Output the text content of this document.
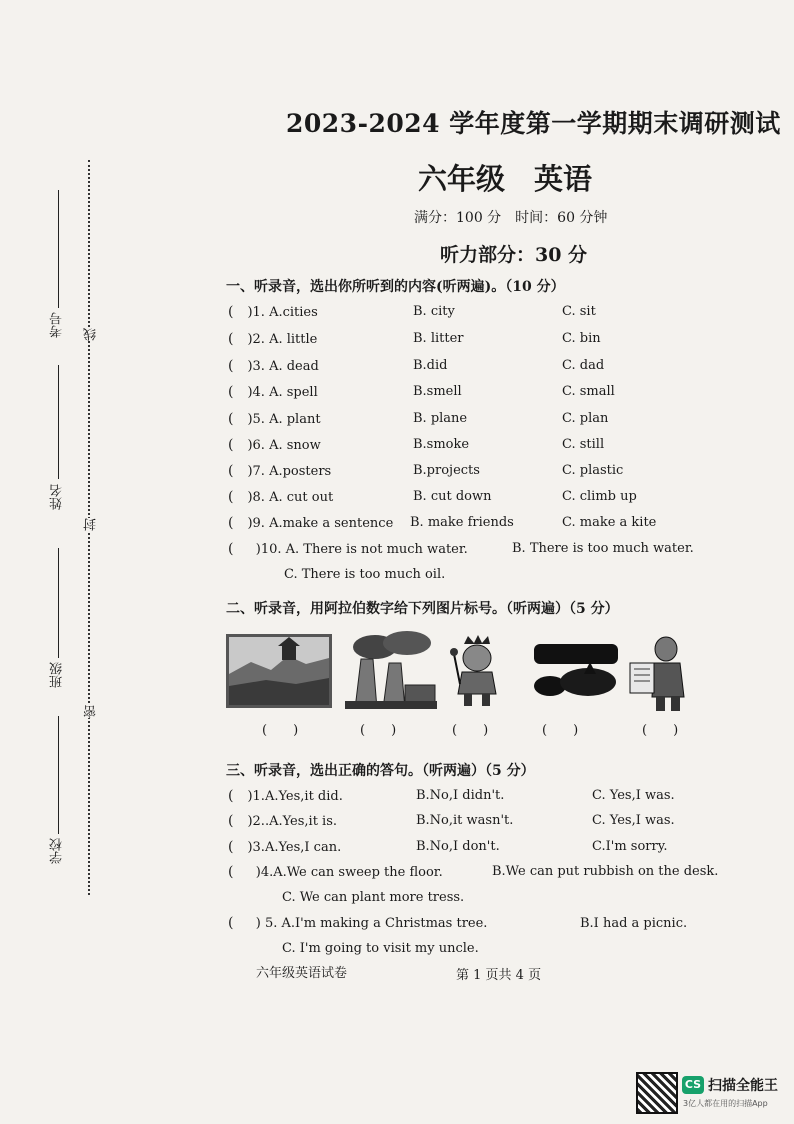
考号
姓名
班级
学校
线
封
密
2023-2024 学年度第一学期期末调研测试
六年级　英语
满分：100 分　时间：60 分钟
听力部分：30 分
一、听录音，选出你所听到的内容(听两遍)。（10 分）
( )1. A.cities	B. city	C. sit
( )2. A. little	B. litter	C. bin
( )3. A. dead	B.did	C. dad
( )4. A. spell	B.smell	C. small
( )5. A. plant	B. plane	C. plan
( )6. A. snow	B.smoke	C. still
( )7. A.posters	B.projects	C. plastic
( )8. A. cut out	B. cut down	C. climb up
( )9. A.make a sentence B. make friends	C. make a kite
( )10. A. There is not much water.	B. There is too much water.
C. There is too much oil.
二、听录音，用阿拉伯数字给下列图片标号。（听两遍）（5 分）
(　　)	(　　)	(　　)	(　　)	(　　)
三、听录音，选出正确的答句。（听两遍）（5 分）
( )1.A.Yes,it did.	B.No,I didn't.	C. Yes,I was.
( )2..A.Yes,it is.	B.No,it wasn't.	C. Yes,I was.
( )3.A.Yes,I can.	B.No,I don't.	C.I'm sorry.
( )4.A.We can sweep the floor.	B.We can put rubbish on the desk.
C. We can plant more tress.
( ) 5. A.I'm making a Christmas tree.	B.I had a picnic.
C. I'm going to visit my uncle.
六年级英语试卷	第 1 页共 4 页
CS 扫描全能王
3亿人都在用的扫描App
